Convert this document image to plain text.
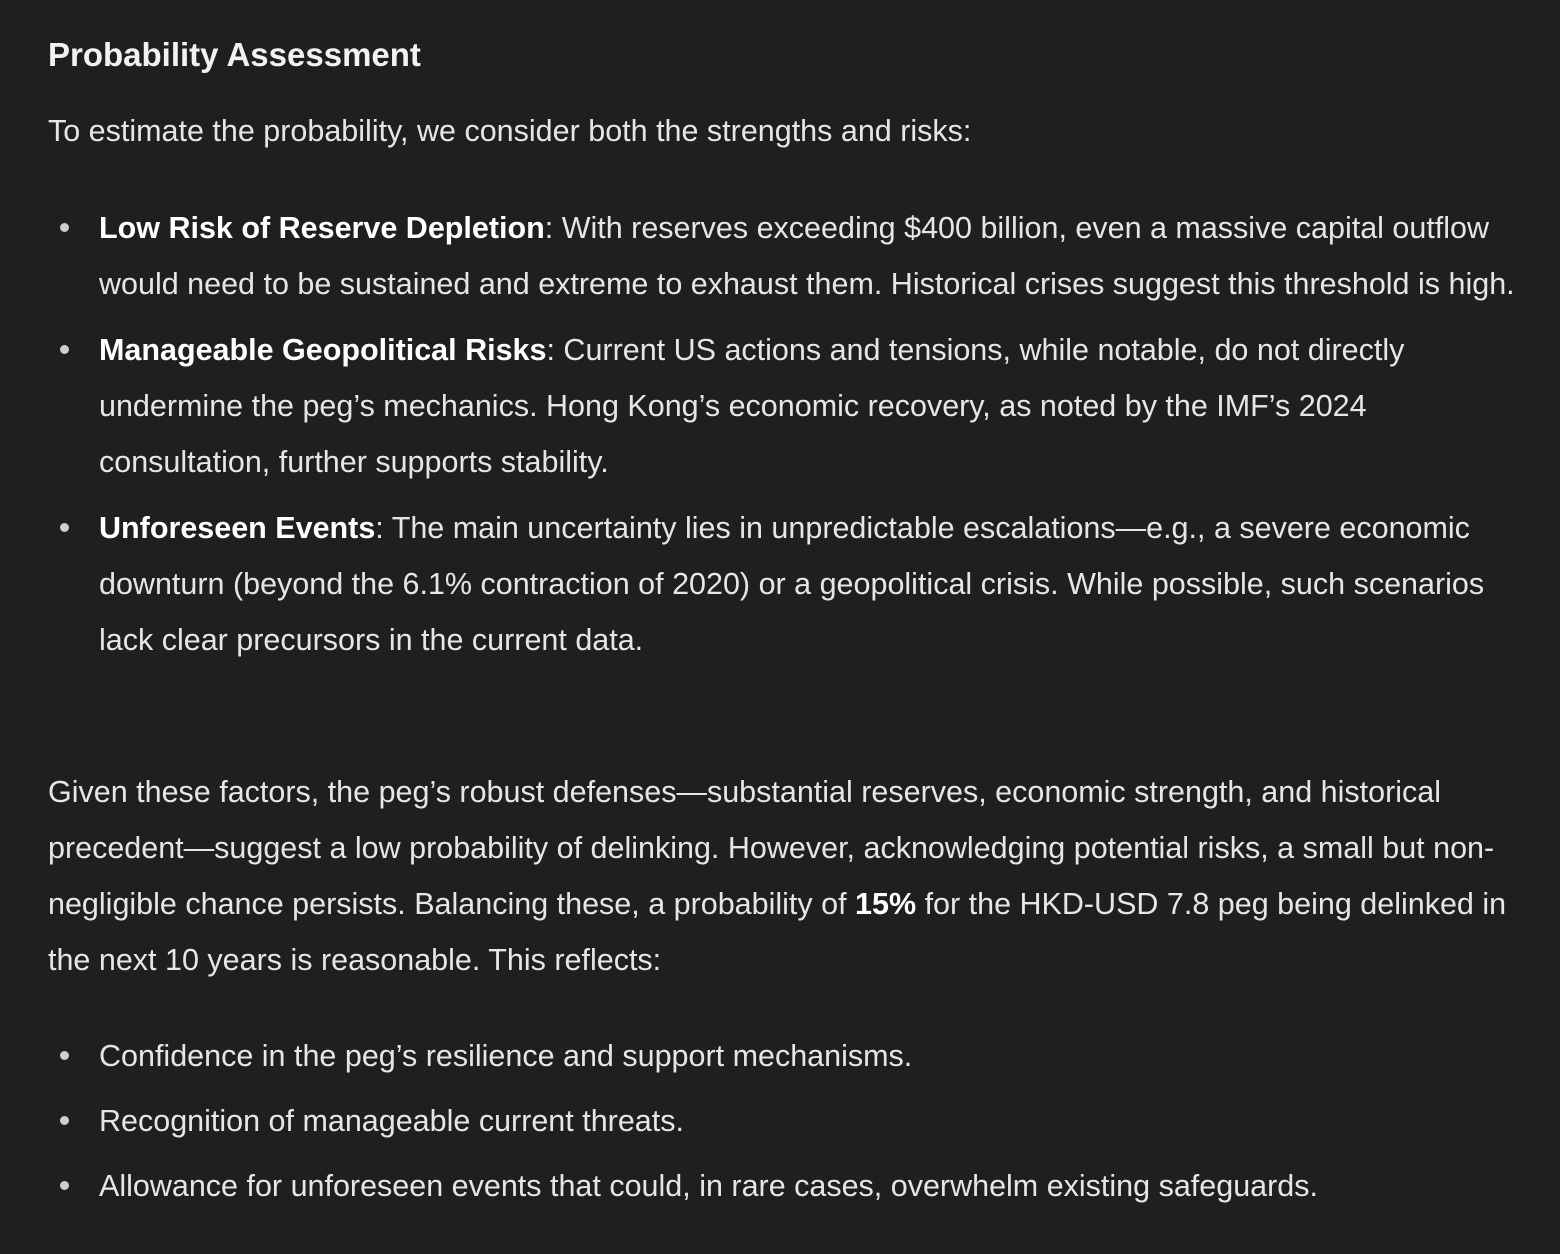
Probability Assessment

To estimate the probability, we consider both the strengths and risks:

Low Risk of Reserve Depletion: With reserves exceeding $400 billion, even a massive capital outflow would need to be sustained and extreme to exhaust them. Historical crises suggest this threshold is high.
Manageable Geopolitical Risks: Current US actions and tensions, while notable, do not directly undermine the peg’s mechanics. Hong Kong’s economic recovery, as noted by the IMF’s 2024 consultation, further supports stability.
Unforeseen Events: The main uncertainty lies in unpredictable escalations—e.g., a severe economic downturn (beyond the 6.1% contraction of 2020) or a geopolitical crisis. While possible, such scenarios lack clear precursors in the current data.

Given these factors, the peg’s robust defenses—substantial reserves, economic strength, and historical precedent—suggest a low probability of delinking. However, acknowledging potential risks, a small but non-negligible chance persists. Balancing these, a probability of 15% for the HKD-USD 7.8 peg being delinked in the next 10 years is reasonable. This reflects:

Confidence in the peg’s resilience and support mechanisms.
Recognition of manageable current threats.
Allowance for unforeseen events that could, in rare cases, overwhelm existing safeguards.
